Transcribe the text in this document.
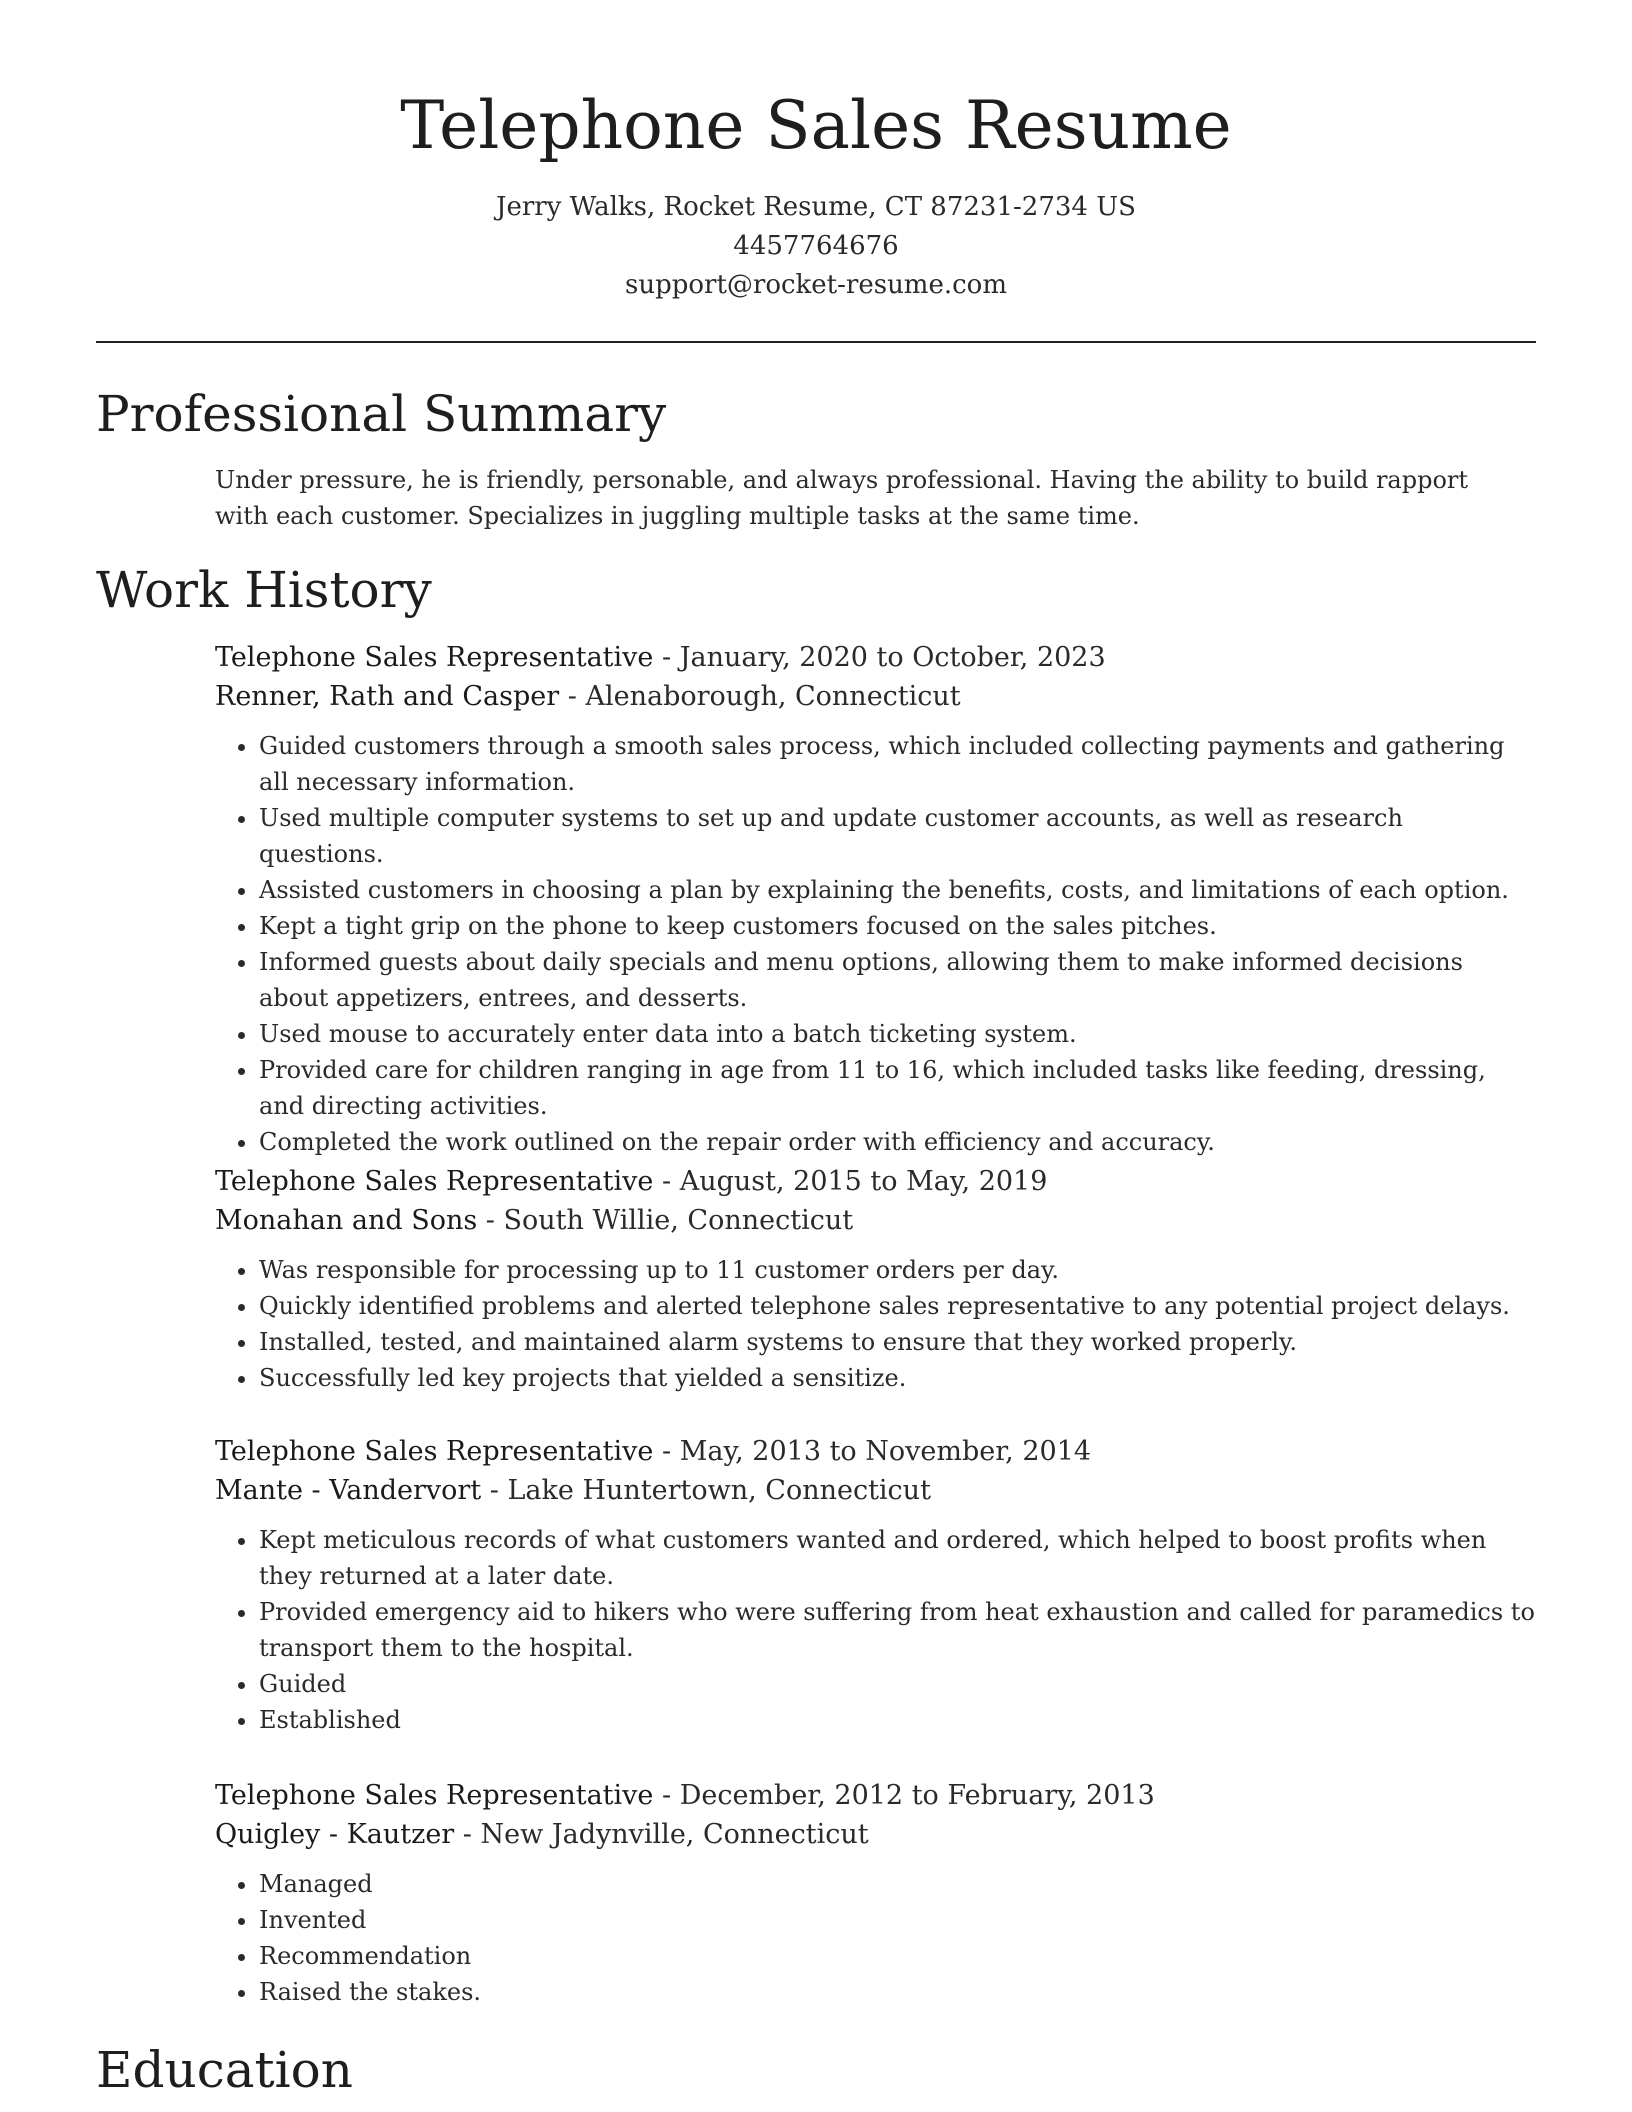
Telephone Sales Resume
Jerry Walks, Rocket Resume, CT 87231-2734 US
4457764676
support@rocket-resume.com
Professional Summary

Under pressure, he is friendly, personable, and always professional. Having the ability to build rapport with each customer. Specializes in juggling multiple tasks at the same time.

Work History
Telephone Sales Representative - January, 2020 to October, 2023
Renner, Rath and Casper - Alenaborough, Connecticut
• Guided customers through a smooth sales process, which included collecting payments and gathering all necessary information.
• Used multiple computer systems to set up and update customer accounts, as well as research questions.
• Assisted customers in choosing a plan by explaining the benefits, costs, and limitations of each option.
• Kept a tight grip on the phone to keep customers focused on the sales pitches.
• Informed guests about daily specials and menu options, allowing them to make informed decisions about appetizers, entrees, and desserts.
• Used mouse to accurately enter data into a batch ticketing system.
• Provided care for children ranging in age from 11 to 16, which included tasks like feeding, dressing, and directing activities.
• Completed the work outlined on the repair order with efficiency and accuracy.
Telephone Sales Representative - August, 2015 to May, 2019
Monahan and Sons - South Willie, Connecticut
• Was responsible for processing up to 11 customer orders per day.
• Quickly identified problems and alerted telephone sales representative to any potential project delays.
• Installed, tested, and maintained alarm systems to ensure that they worked properly.
• Successfully led key projects that yielded a sensitize.
Telephone Sales Representative - May, 2013 to November, 2014
Mante - Vandervort - Lake Huntertown, Connecticut
• Kept meticulous records of what customers wanted and ordered, which helped to boost profits when they returned at a later date.
• Provided emergency aid to hikers who were suffering from heat exhaustion and called for paramedics to transport them to the hospital.
• Guided
• Established
Telephone Sales Representative - December, 2012 to February, 2013
Quigley - Kautzer - New Jadynville, Connecticut
• Managed
• Invented
• Recommendation
• Raised the stakes.
Education
